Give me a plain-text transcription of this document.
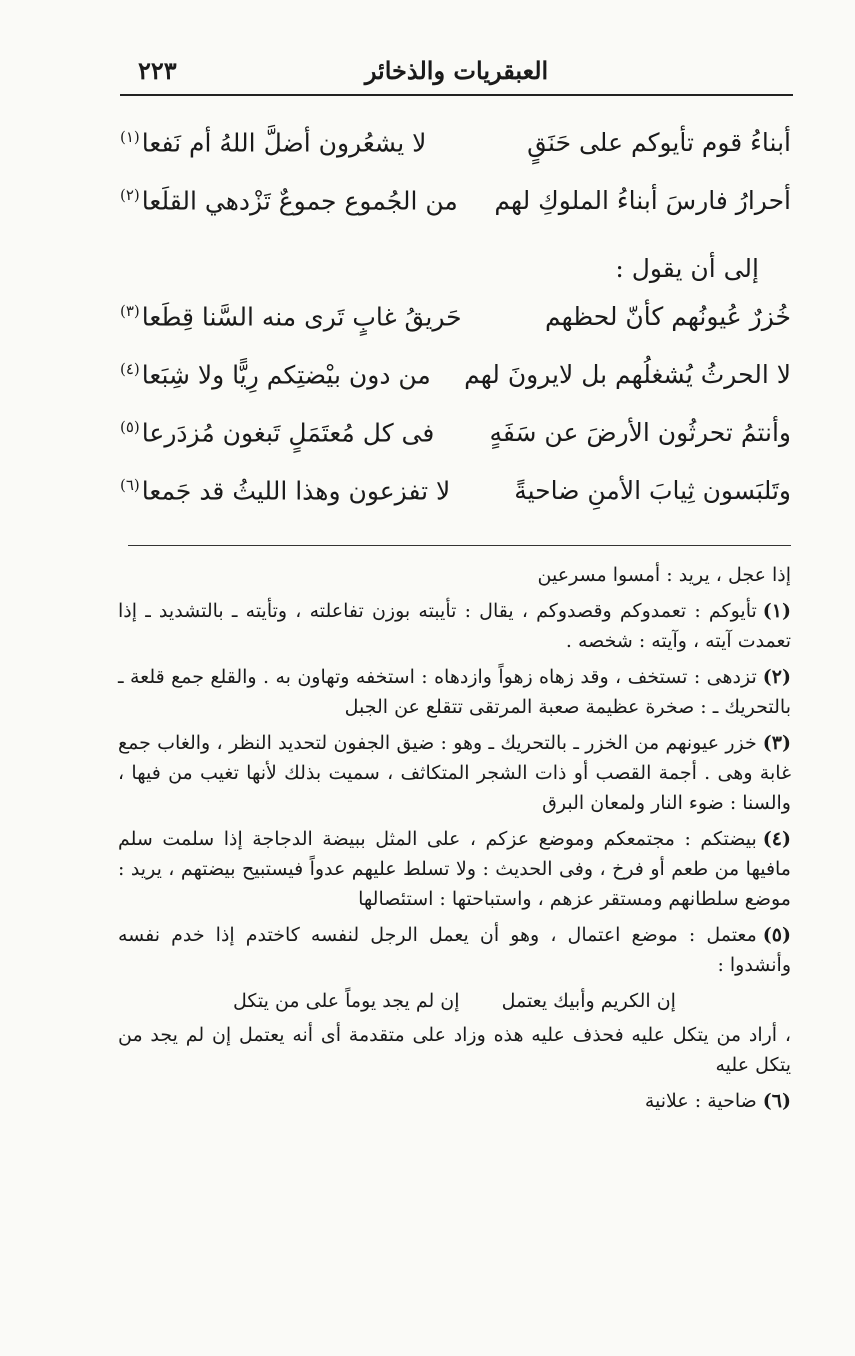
العبقريات والذخائر
٢٢٣
أبناءُ قوم تأيوكم على حَنَقٍ
لا يشعُرون أضلَّ اللهُ أم نَفعا$^{(١)}$
أحرارُ فارسَ أبناءُ الملوكِ لهم
من الجُموع جموعٌ تَزْدهي القلَعا$^{(٢)}$
إلى أن يقول :
خُزرٌ عُيونُهم كأنّ لحظهم
حَريقُ غابٍ تَرى منه السَّنا قِطَعا$^{(٣)}$
لا الحرثُ يُشغلُهم بل لايرونَ لهم
من دون بيْضتِكم رِيًّا ولا شِبَعا$^{(٤)}$
وأنتمُ تحرثُون الأرضَ عن سَفَهٍ
فى كل مُعتَمَلٍ تَبغون مُزدَرعا$^{(٥)}$
وتَلبَسون ثِيابَ الأمنِ ضاحيةً
لا تفزعون وهذا الليثُ قد جَمعا$^{(٦)}$

إذا عجل ، يريد : أمسوا مسرعين

(١)تأيوكم : تعمدوكم وقصدوكم ، يقال : تأيبته بوزن تفاعلته ، وتأيته ـ بالتشديد ـ إذا تعمدت آيته ، وآيته : شخصه .

(٢)تزدهى : تستخف ، وقد زهاه زهواً وازدهاه : استخفه وتهاون به . والقلع جمع قلعة ـ بالتحريك ـ : صخرة عظيمة صعبة المرتقى تتقلع عن الجبل

(٣)خزر عيونهم من الخزر ـ بالتحريك ـ وهو : ضيق الجفون لتحديد النظر ، والغاب جمع غابة وهى . أجمة القصب أو ذات الشجر المتكاثف ، سميت بذلك لأنها تغيب من فيها ، والسنا : ضوء النار ولمعان البرق

(٤)بيضتكم : مجتمعكم وموضع عزكم ، على المثل ببيضة الدجاجة إذا سلمت سلم مافيها من طعم أو فرخ ، وفى الحديث : ولا تسلط عليهم عدواً فيستبيح بيضتهم ، يريد : موضع سلطانهم ومستقر عزهم ، واستباحتها : استئصالها

(٥)معتمل : موضع اعتمال ، وهو أن يعمل الرجل لنفسه كاختدم إذا خدم نفسه وأنشدوا :

إن الكريم وأبيك يعتمل إن لم يجد يوماً على من يتكل

، أراد من يتكل عليه فحذف عليه هذه وزاد على متقدمة أى أنه يعتمل إن لم يجد من يتكل عليه

(٦)ضاحية : علانية
